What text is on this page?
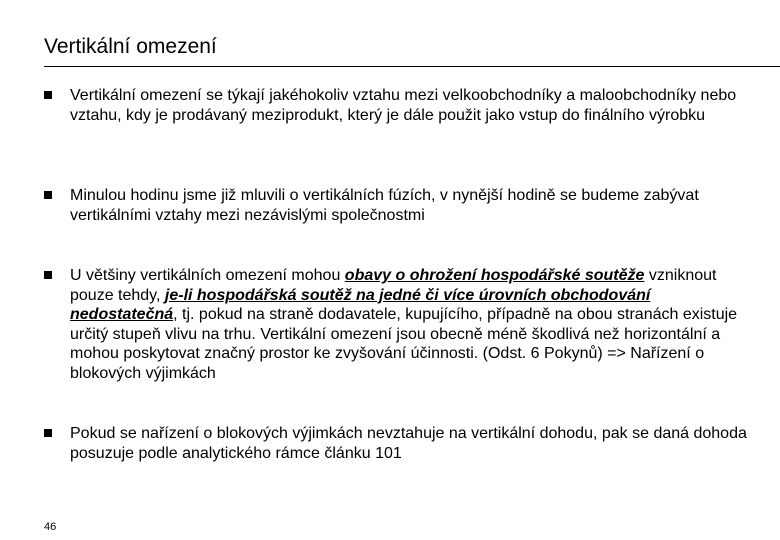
Vertikální omezení
Vertikální omezení se týkají jakéhokoliv vztahu mezi velkoobchodníky a maloobchodníky nebo vztahu, kdy je prodávaný meziprodukt, který je dále použit jako vstup do finálního výrobku
Minulou hodinu jsme již mluvili o vertikálních fúzích, v nynější hodině se budeme zabývat vertikálními vztahy mezi nezávislými společnostmi
U většiny vertikálních omezení mohou obavy o ohrožení hospodářské soutěže vzniknout pouze tehdy, je-li hospodářská soutěž na jedné či více úrovních obchodování nedostatečná, tj. pokud na straně dodavatele, kupujícího, případně na obou stranách existuje určitý stupeň vlivu na trhu. Vertikální omezení jsou obecně méně škodlivá než horizontální a mohou poskytovat značný prostor ke zvyšování účinnosti. (Odst. 6 Pokynů) => Nařízení o blokových výjimkách
Pokud se nařízení o blokových výjimkách nevztahuje na vertikální dohodu, pak se daná dohoda posuzuje podle analytického rámce článku 101
46
